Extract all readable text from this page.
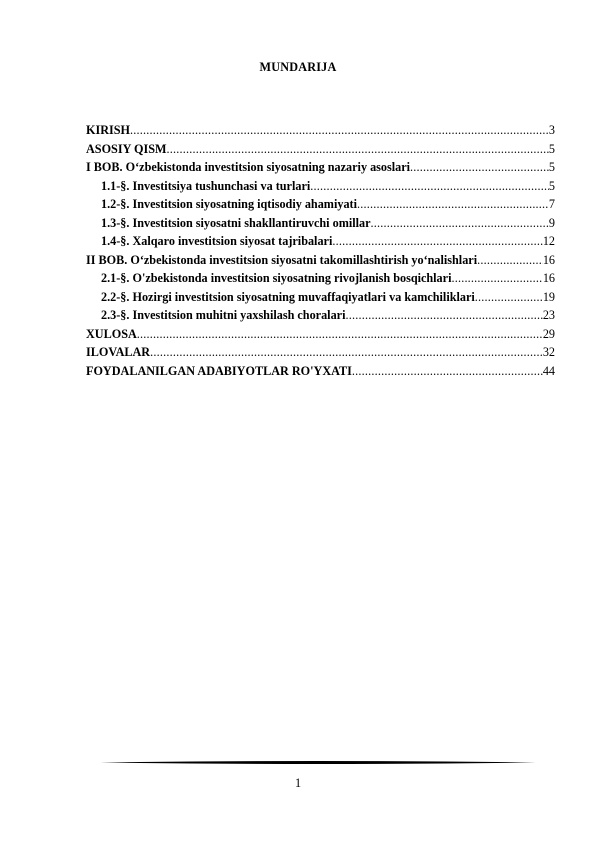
MUNDARIJA
KIRISH .....	3
ASOSIY QISM .....	5
I BOB. O‘zbekistonda investitsion siyosatning nazariy asoslari .....	5
1.1-§. Investitsiya tushunchasi va turlari .....	5
1.2-§. Investitsion siyosatning iqtisodiy ahamiyati .....	7
1.3-§. Investitsion siyosatni shakllantiruvchi omillar .....	9
1.4-§. Xalqaro investitsion siyosat tajribalari .....	12
II BOB. O‘zbekistonda investitsion siyosatni takomillashtirish yo‘nalishlari .....	16
2.1-§. O'zbekistonda investitsion siyosatning rivojlanish bosqichlari .....	16
2.2-§. Hozirgi investitsion siyosatning muvaffaqiyatlari va kamchiliklari .....	19
2.3-§. Investitsion muhitni yaxshilash choralari .....	23
XULOSA .....	29
ILOVALAR .....	32
FOYDALANILGAN ADABIYOTLAR RO'YXATI .....	44
1
